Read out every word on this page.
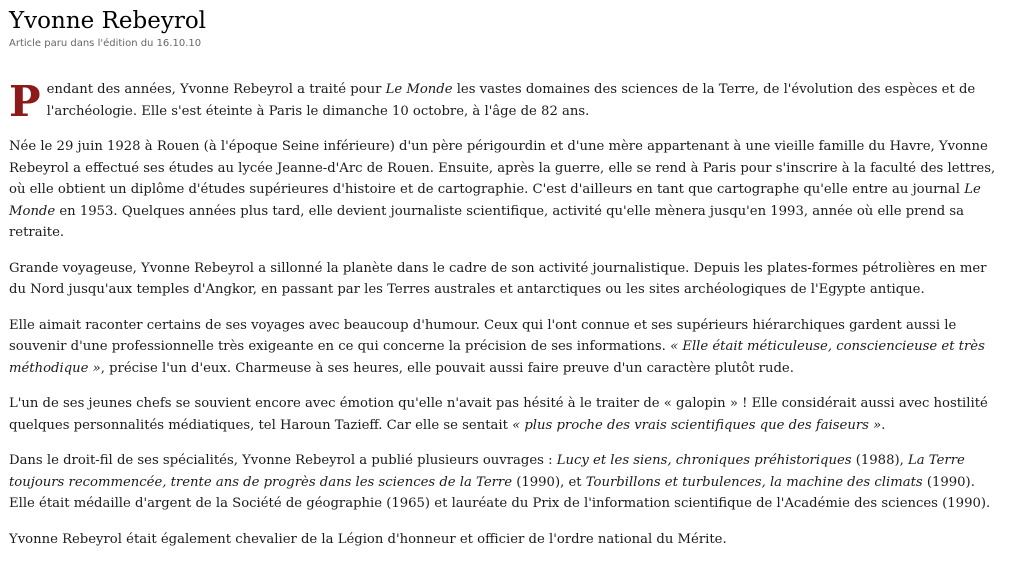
Yvonne Rebeyrol
Article paru dans l'édition du 16.10.10

Pendant des années, Yvonne Rebeyrol a traité pour Le Monde les vastes domaines des sciences de la Terre, de l'évolution des espèces et de l'archéologie. Elle s'est éteinte à Paris le dimanche 10 octobre, à l'âge de 82 ans.

Née le 29 juin 1928 à Rouen (à l'époque Seine inférieure) d'un père périgourdin et d'une mère appartenant à une vieille famille du Havre, Yvonne Rebeyrol a effectué ses études au lycée Jeanne-d'Arc de Rouen. Ensuite, après la guerre, elle se rend à Paris pour s'inscrire à la faculté des lettres, où elle obtient un diplôme d'études supérieures d'histoire et de cartographie. C'est d'ailleurs en tant que cartographe qu'elle entre au journal Le Monde en 1953. Quelques années plus tard, elle devient journaliste scientifique, activité qu'elle mènera jusqu'en 1993, année où elle prend sa retraite.

Grande voyageuse, Yvonne Rebeyrol a sillonné la planète dans le cadre de son activité journalistique. Depuis les plates-formes pétrolières en mer du Nord jusqu'aux temples d'Angkor, en passant par les Terres australes et antarctiques ou les sites archéologiques de l'Egypte antique.

Elle aimait raconter certains de ses voyages avec beaucoup d'humour. Ceux qui l'ont connue et ses supérieurs hiérarchiques gardent aussi le souvenir d'une professionnelle très exigeante en ce qui concerne la précision de ses informations. « Elle était méticuleuse, consciencieuse et très méthodique », précise l'un d'eux. Charmeuse à ses heures, elle pouvait aussi faire preuve d'un caractère plutôt rude.

L'un de ses jeunes chefs se souvient encore avec émotion qu'elle n'avait pas hésité à le traiter de « galopin » ! Elle considérait aussi avec hostilité quelques personnalités médiatiques, tel Haroun Tazieff. Car elle se sentait « plus proche des vrais scientifiques que des faiseurs ».

Dans le droit-fil de ses spécialités, Yvonne Rebeyrol a publié plusieurs ouvrages : Lucy et les siens, chroniques préhistoriques (1988), La Terre toujours recommencée, trente ans de progrès dans les sciences de la Terre (1990), et Tourbillons et turbulences, la machine des climats (1990). Elle était médaille d'argent de la Société de géographie (1965) et lauréate du Prix de l'information scientifique de l'Académie des sciences (1990).

Yvonne Rebeyrol était également chevalier de la Légion d'honneur et officier de l'ordre national du Mérite.
